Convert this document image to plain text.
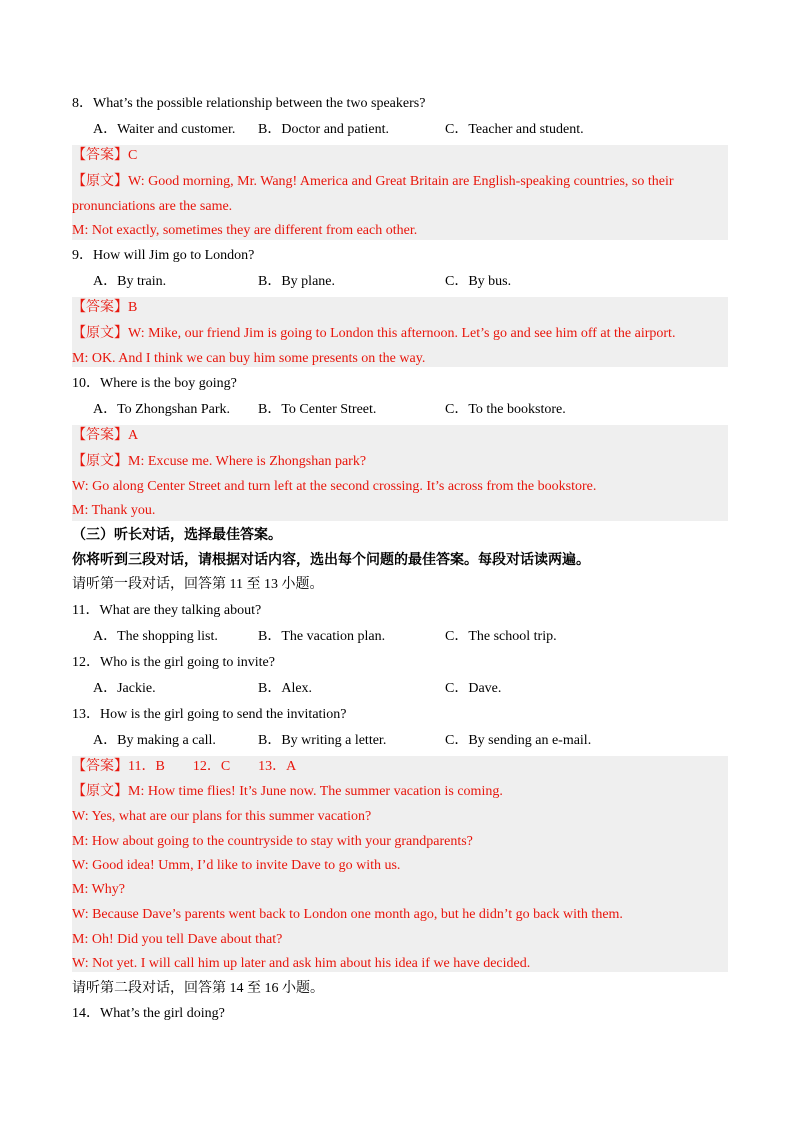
8．What’s the possible relationship between the two speakers?
A．Waiter and customer. B．Doctor and patient.	C．Teacher and student.
【答案】C
【原文】W: Good morning, Mr. Wang! America and Great Britain are English-speaking countries, so their
pronunciations are the same.
M: Not exactly, sometimes they are different from each other.
9．How will Jim go to London?
A．By train.	B．By plane.	C．By bus.
【答案】B
【原文】W: Mike, our friend Jim is going to London this afternoon. Let’s go and see him off at the airport.
M: OK. And I think we can buy him some presents on the way.
10．Where is the boy going?
A．To Zhongshan Park. B．To Center Street.	C．To the bookstore.
【答案】A
【原文】M: Excuse me. Where is Zhongshan park?
W: Go along Center Street and turn left at the second crossing. It’s across from the bookstore.
M: Thank you.
（三）听长对话，选择最佳答案。
你将听到三段对话，请根据对话内容，选出每个问题的最佳答案。每段对话读两遍。
请听第一段对话，回答第 11 至 13 小题。
11．What are they talking about?
A．The shopping list.	B．The vacation plan.	C．The school trip.
12．Who is the girl going to invite?
A．Jackie.	B．Alex.	C．Dave.
13．How is the girl going to send the invitation?
A．By making a call.	B．By writing a letter.	C．By sending an e-mail.
【答案】11．B        12．C        13．A
【原文】M: How time flies! It’s June now. The summer vacation is coming.
W: Yes, what are our plans for this summer vacation?
M: How about going to the countryside to stay with your grandparents?
W: Good idea! Umm, I’d like to invite Dave to go with us.
M: Why?
W: Because Dave’s parents went back to London one month ago, but he didn’t go back with them.
M: Oh! Did you tell Dave about that?
W: Not yet. I will call him up later and ask him about his idea if we have decided.
请听第二段对话，回答第 14 至 16 小题。
14．What’s the girl doing?
